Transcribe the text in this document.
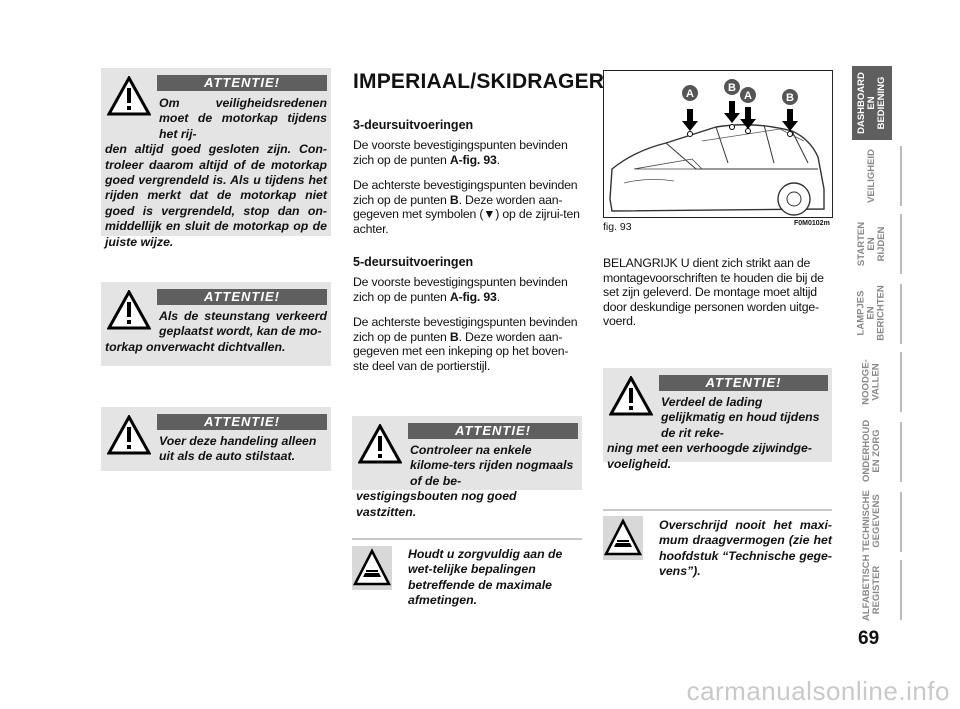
ATTENTIE!
Om veiligheidsredenen moet de motorkap tijdens het rij-
den altijd goed gesloten zijn. Con-troleer daarom altijd of de motorkap goed vergrendeld is. Als u tijdens het rijden merkt dat de motorkap niet goed is vergrendeld, stop dan on-middellijk en sluit de motorkap op de juiste wijze.
ATTENTIE!
Als de steunstang verkeerd geplaatst wordt, kan de mo-
torkap onverwacht dichtvallen.
ATTENTIE!
Voer deze handeling alleen uit als de auto stilstaat.
IMPERIAAL/SKIDRAGER
3-deursuitvoeringen
De voorste bevestigingspunten bevinden zich op de punten A-fig. 93.
De achterste bevestigingspunten bevinden zich op de punten B. Deze worden aan-gegeven met symbolen (▼) op de zijrui-ten achter.
5-deursuitvoeringen
De voorste bevestigingspunten bevinden zich op de punten A-fig. 93.
De achterste bevestigingspunten bevinden zich op de punten B. Deze worden aan-gegeven met een inkeping op het boven-ste deel van de portierstijl.
ATTENTIE!
Controleer na enkele kilome-ters rijden nogmaals of de be-
vestigingsbouten nog goed vastzitten.
Houdt u zorgvuldig aan de wet-telijke bepalingen betreffende de maximale afmetingen.
A	B
A	B
fig. 93	F0M0102m
BELANGRIJK U dient zich strikt aan de montagevoorschriften te houden die bij de set zijn geleverd. De montage moet altijd door deskundige personen worden uitge-voerd.
ATTENTIE!
Verdeel de lading gelijkmatig en houd tijdens de rit reke-
ning met een verhoogde zijwindge-voeligheid.
Overschrijd nooit het maxi-mum draagvermogen (zie het hoofdstuk “Technische gege-vens”).
DASHBOARD EN BEDIENING
VEILIGHEID
STARTEN EN RIJDEN
LAMPJES EN BERICHTEN
NOODGE-VALLEN
ONDERHOUD EN ZORG
TECHNISCHE GEGEVENS
ALFABETISCH REGISTER
69
carmanualsonline.info
